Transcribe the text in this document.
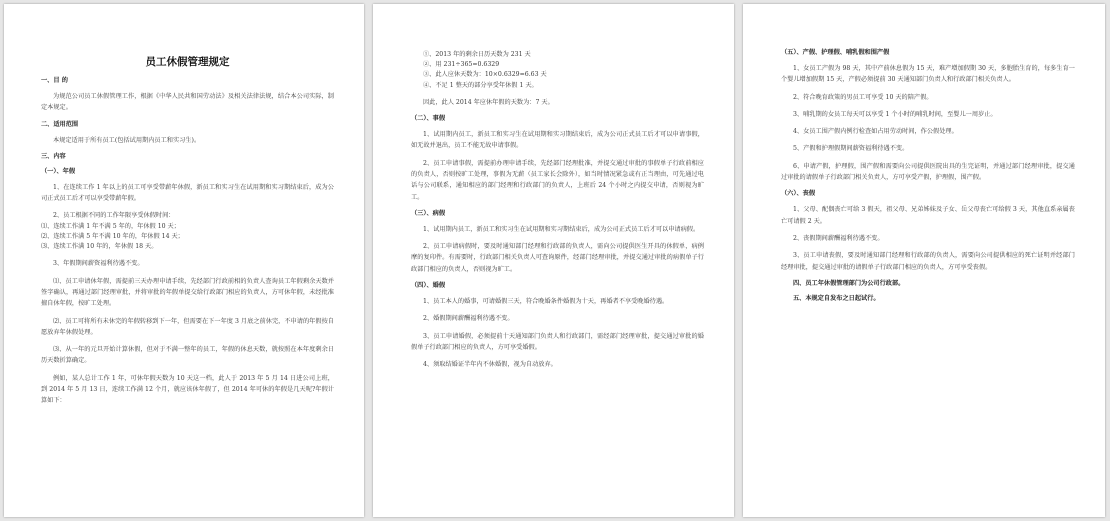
员工休假管理规定
一、目 的
为规范公司员工休假管理工作，根据《中华人民共和国劳动法》及相关法律法规，结合本公司实际，制定本规定。
二、适用范围
本规定适用于所有员工(包括试用期内员工和实习生)。
三、内容
（一）、年假
1、在连续工作 1 年以上的员工可享受带薪年休假，新员工和实习生在试用期和实习期结束后，成为公司正式员工后才可以享受带薪年假。
2、员工根据不同的工作年限享受休假时间：
⑴、连续工作满 1 年不满 5 年的，年休假 10 天；
⑵、连续工作满 5 年不满 10 年的，年休假 14 天；
⑶、连续工作满 10 年的，年休假 18 天。
3、年假期间薪资福利待遇不变。
⑴、员工申请休年假，需提前三天办理申请手续，先经部门行政前相的负责人查询员工年假剩余天数并签字确认，再通过部门经理审批，并将审批的年假单提交给行政部门相应的负责人，方可休年假，未经批准擅自休年假，按旷工处理。
⑵、员工可将所有未休完的年假转移到下一年，但需要在下一年度 3 月底之前休完，不申请的年假按自愿放弃年休假处理。
⑶、从一年的元旦开始计算休假，但对于不满一整年的员工，年假的休息天数，就按照在本年度剩余日历天数折算确定。
例如，某人总计工作 1 年，可休年假天数为 10 天这一档，此人于 2013 年 5 月 14 日进公司上班，到 2014 年 5 月 13 日，连续工作满 12 个月，就应该休年假了，但 2014 年可休的年假是几天呢?年假计算如下：
①、2013 年的剩余日历天数为 231 天
②、用 231÷365=0.6329
③、此人应休天数为：10×0.6329=6.63 天
④、不足 1 整天的部分享受年休假 1 天。
因此，此人 2014 年应休年假的天数为：7 天。
（二）、事假
1、试用期内员工，新员工和实习生在试用期和实习期结束后，成为公司正式员工后才可以申请事假，如无故并退出，员工不能无故申请事假。
2、员工申请事假，需提前办理申请手续，先经部门经理批准，并提交通过审批的事假单子行政前相应的负责人，否则按旷工处理，事假为无薪（员工家长会除外），如当时情况紧急或有正当理由，可先通过电话与公司联系，通知相应的部门经理和行政部门的负责人，上班后 24 个小时之内提交申请，否则视为旷工。
（三）、病假
1、试用期内员工，新员工和实习生在试用期和实习期结束后，成为公司正式员工后才可以申请病假。
2、员工申请病假时，要及时通知部门经理和行政部的负责人，需向公司提供医生开具的休假单，病例摩的复印件。有需要时，行政部门相关负责人可查询原件，经部门经理审批，并提交通过审批的病假单子行政部门相应的负责人，否则视为旷工。
（四）、婚假
1、员工本人的婚事，可请婚假三天，符合晚婚条件婚假为十天，再婚者不享受晚婚待遇。
2、婚假期间薪酬福利待遇不变。
3、员工申请婚假，必须提前十天通知部门负责人和行政部门，需经部门经理审批，提交通过审批的婚假单子行政部门相应的负责人，方可享受婚假。
4、须取结婚证半年内不休婚假，视为自动放弃。
（五）、产假、护理假、哺乳假和围产假
1、女员工产假为 98 天，其中产前休息假为 15 天，难产增加假期 30 天，多胞胎生育的，每多生育一个婴儿增加假期 15 天，产假必须提前 30 天通知部门负责人和行政部门相关负责人。
2、符合晚育政策的男员工可享受 10 天的陪产假。
3、哺乳期的女员工每天可以享受 1 个小时的哺乳时间，至婴儿一周岁止。
4、女员工围产假内例行检查如占用劳动时间，作公假处理。
5、产假和护理假期间薪资福利待遇不变。
6、申请产假，护理假，围产假和需要向公司提供医院出具的生完证明，并通过部门经理审批，提交通过审批的请假单子行政部门相关负责人，方可享受产假，护理假，围产假。
（六）、丧假
1、父母、配偶丧亡可给 3 假天，祖父母、兄弟姊妹及子女、岳父母丧亡可给假 3 天，其他直系亲属丧亡可请假 2 天。
2、丧假期间薪酬福利待遇不变。
3、员工申请丧假，要及时通知部门经理和行政部的负责人，需要向公司提供相应的死亡证明并经部门经理审批，提交通过审批的请假单子行政部门相应的负责人，方可享受丧假。
四、员工年休假管理部门为公司行政部。
五、本规定自发布之日起试行。
